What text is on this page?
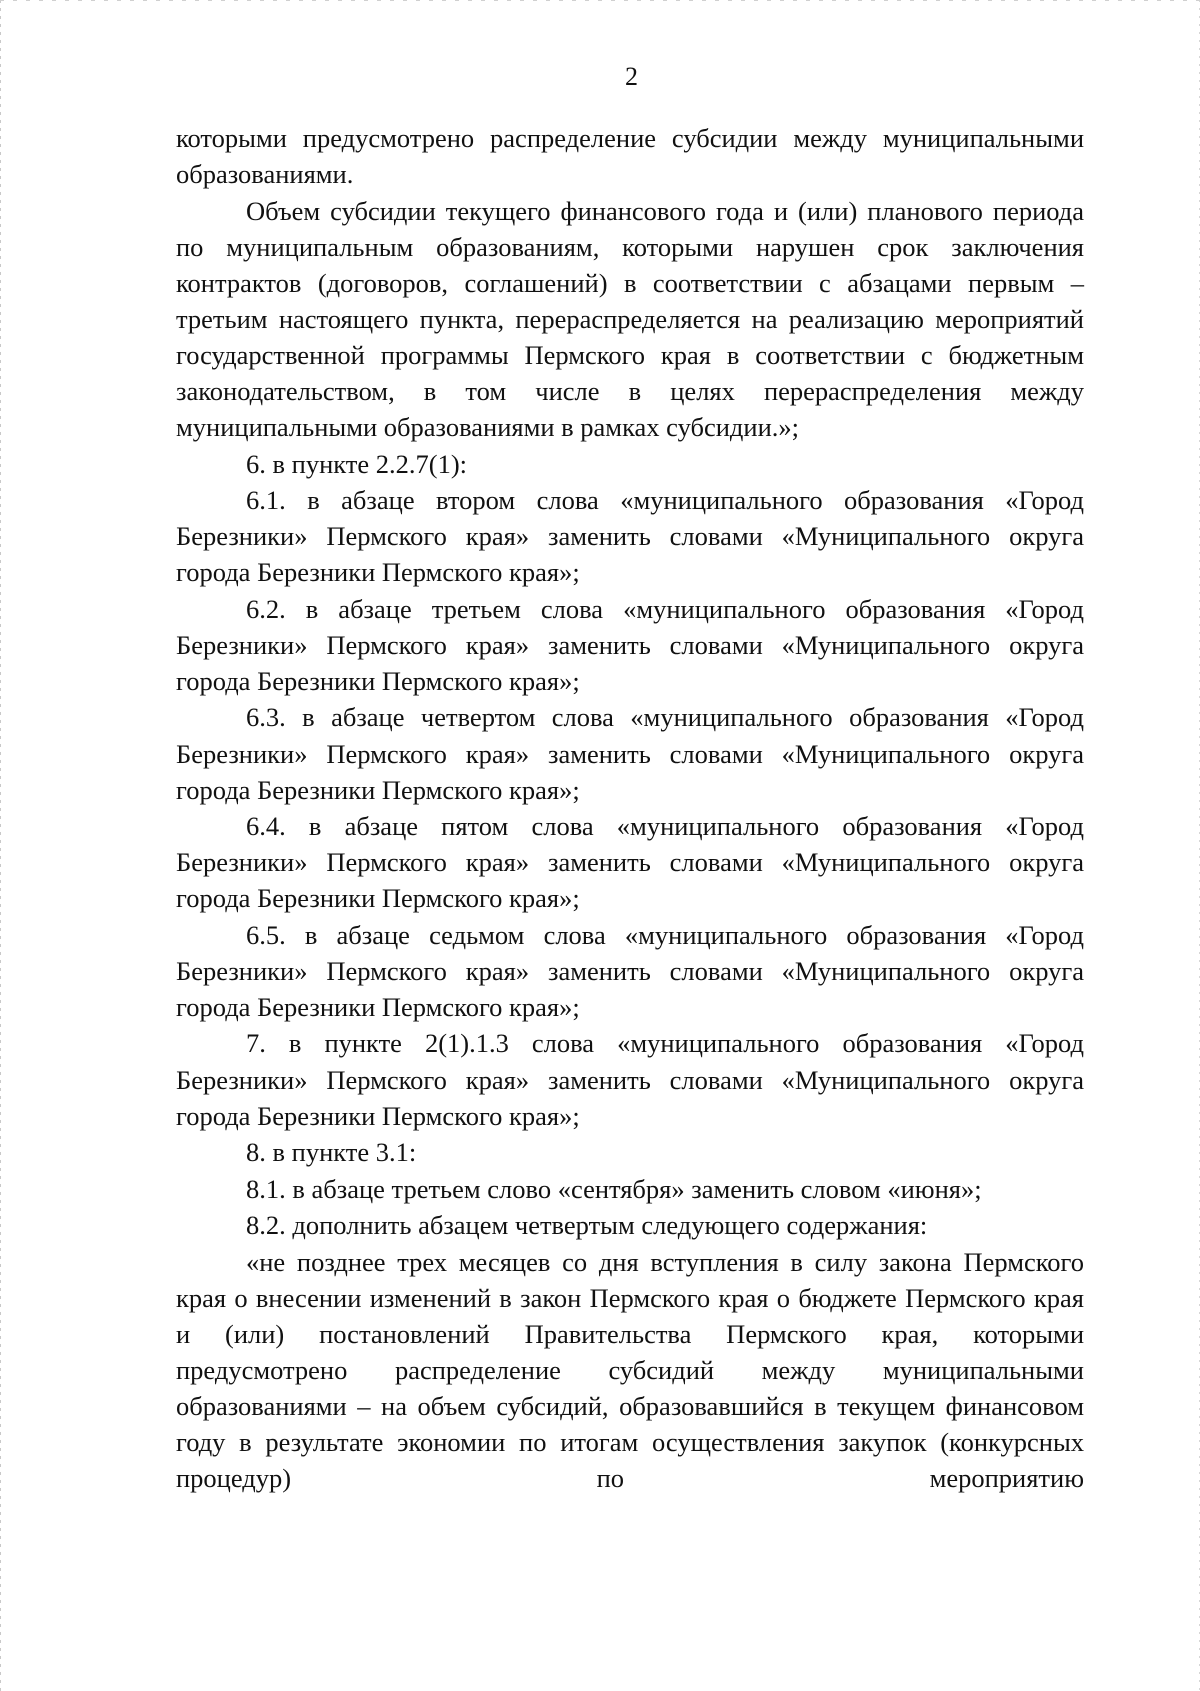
2

которыми предусмотрено распределение субсидии между муниципальными образованиями.

Объем субсидии текущего финансового года и (или) планового периода по муниципальным образованиям, которыми нарушен срок заключения контрактов (договоров, соглашений) в соответствии с абзацами первым – третьим настоящего пункта, перераспределяется на реализацию мероприятий государственной программы Пермского края в соответствии с бюджетным законодательством, в том числе в целях перераспределения между муниципальными образованиями в рамках субсидии.»;

6. в пункте 2.2.7(1):

6.1. в абзаце втором слова «муниципального образования «Город Березники» Пермского края» заменить словами «Муниципального округа города Березники Пермского края»;

6.2. в абзаце третьем слова «муниципального образования «Город Березники» Пермского края» заменить словами «Муниципального округа города Березники Пермского края»;

6.3. в абзаце четвертом слова «муниципального образования «Город Березники» Пермского края» заменить словами «Муниципального округа города Березники Пермского края»;

6.4. в абзаце пятом слова «муниципального образования «Город Березники» Пермского края» заменить словами «Муниципального округа города Березники Пермского края»;

6.5. в абзаце седьмом слова «муниципального образования «Город Березники» Пермского края» заменить словами «Муниципального округа города Березники Пермского края»;

7. в пункте 2(1).1.3 слова «муниципального образования «Город Березники» Пермского края» заменить словами «Муниципального округа города Березники Пермского края»;

8. в пункте 3.1:

8.1. в абзаце третьем слово «сентября» заменить словом «июня»;

8.2. дополнить абзацем четвертым следующего содержания:

«не позднее трех месяцев со дня вступления в силу закона Пермского края о внесении изменений в закон Пермского края о бюджете Пермского края и (или) постановлений Правительства Пермского края, которыми предусмотрено распределение субсидий между муниципальными образованиями – на объем субсидий, образовавшийся в текущем финансовом году в результате экономии по итогам осуществления закупок (конкурсных процедур) по мероприятию
